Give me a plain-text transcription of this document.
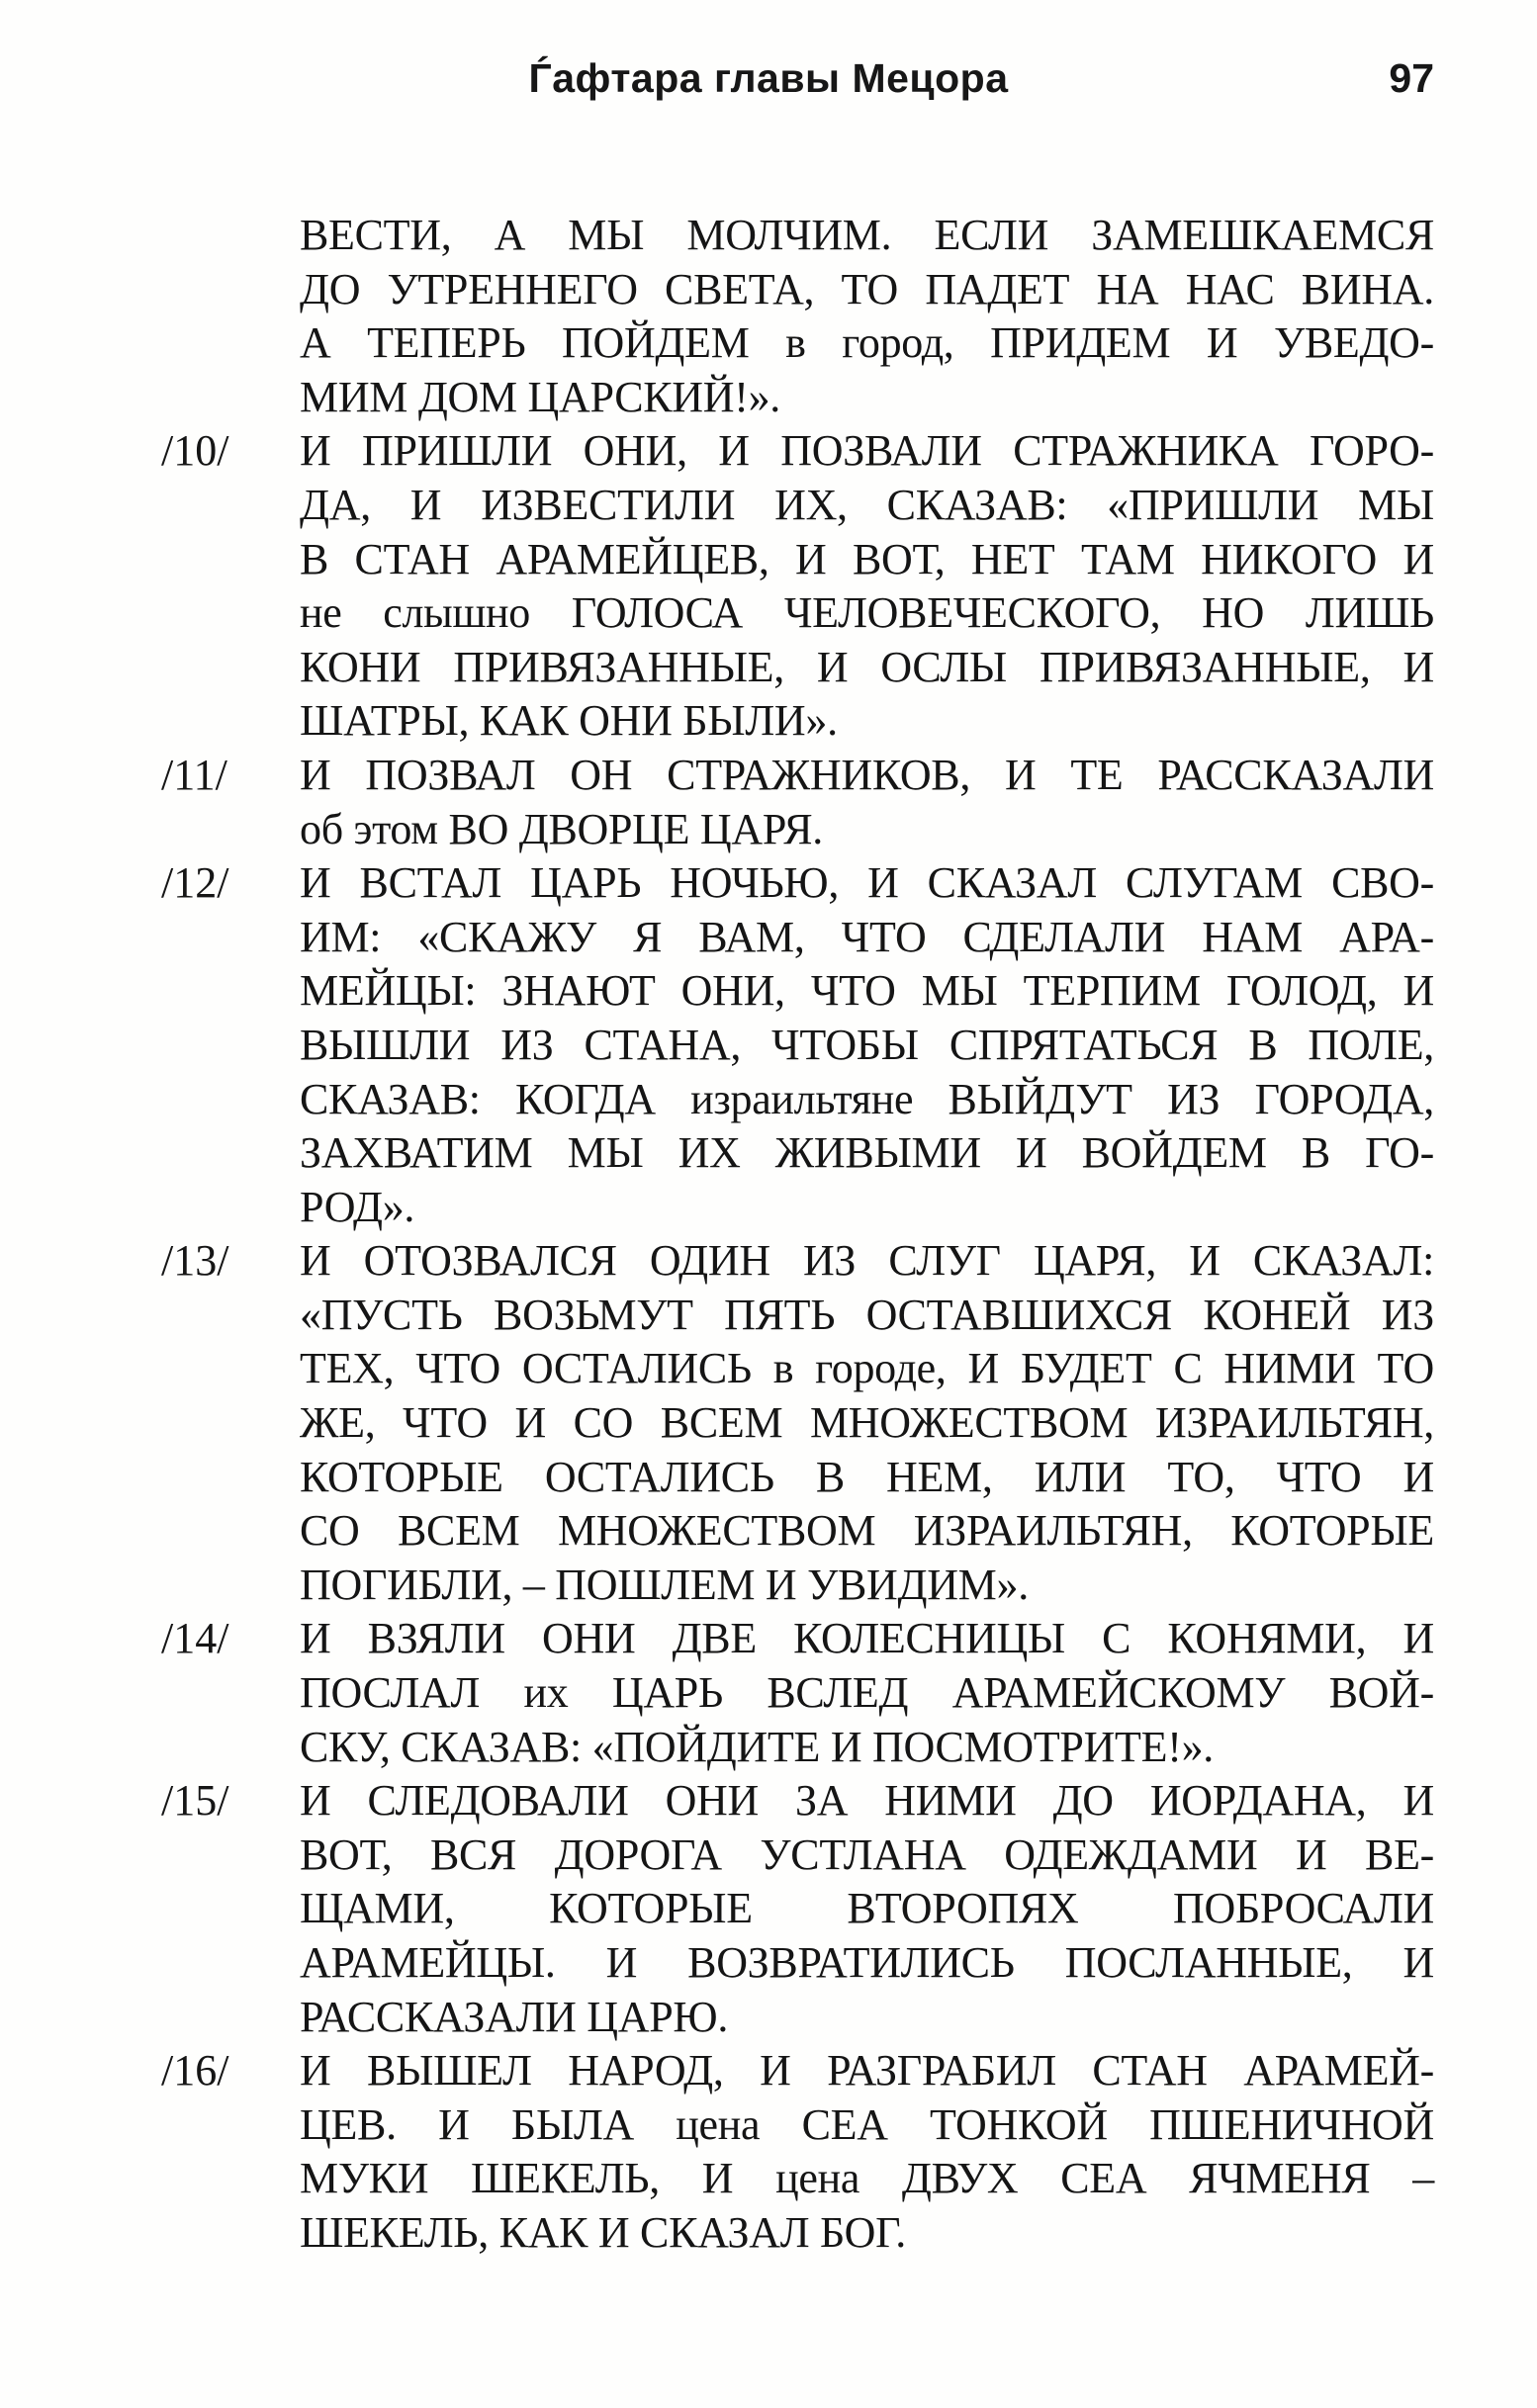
Ѓафтара главы Мецора	97
ВЕСТИ, А МЫ МОЛЧИМ. ЕСЛИ ЗАМЕШКАЕМСЯ
ДО УТРЕННЕГО СВЕТА, ТО ПАДЕТ НА НАС ВИНА.
А ТЕПЕРЬ ПОЙДЕМ в город, ПРИДЕМ И УВЕДО-
МИМ ДОМ ЦАРСКИЙ!».
/10/ И ПРИШЛИ ОНИ, И ПОЗВАЛИ СТРАЖНИКА ГОРО-
ДА, И ИЗВЕСТИЛИ ИХ, СКАЗАВ: «ПРИШЛИ МЫ
В СТАН АРАМЕЙЦЕВ, И ВОТ, НЕТ ТАМ НИКОГО И
не слышно ГОЛОСА ЧЕЛОВЕЧЕСКОГО, НО ЛИШЬ
КОНИ ПРИВЯЗАННЫЕ, И ОСЛЫ ПРИВЯЗАННЫЕ, И
ШАТРЫ, КАК ОНИ БЫЛИ».
/11/ И ПОЗВАЛ ОН СТРАЖНИКОВ, И ТЕ РАССКАЗАЛИ
об этом ВО ДВОРЦЕ ЦАРЯ.
/12/ И ВСТАЛ ЦАРЬ НОЧЬЮ, И СКАЗАЛ СЛУГАМ СВО-
ИМ: «СКАЖУ Я ВАМ, ЧТО СДЕЛАЛИ НАМ АРА-
МЕЙЦЫ: ЗНАЮТ ОНИ, ЧТО МЫ ТЕРПИМ ГОЛОД, И
ВЫШЛИ ИЗ СТАНА, ЧТОБЫ СПРЯТАТЬСЯ В ПОЛЕ,
СКАЗАВ: КОГДА израильтяне ВЫЙДУТ ИЗ ГОРОДА,
ЗАХВАТИМ МЫ ИХ ЖИВЫМИ И ВОЙДЕМ В ГО-
РОД».
/13/ И ОТОЗВАЛСЯ ОДИН ИЗ СЛУГ ЦАРЯ, И СКАЗАЛ:
«ПУСТЬ ВОЗЬМУТ ПЯТЬ ОСТАВШИХСЯ КОНЕЙ ИЗ
ТЕХ, ЧТО ОСТАЛИСЬ в городе, И БУДЕТ С НИМИ ТО
ЖЕ, ЧТО И СО ВСЕМ МНОЖЕСТВОМ ИЗРАИЛЬТЯН,
КОТОРЫЕ ОСТАЛИСЬ В НЕМ, ИЛИ ТО, ЧТО И
СО ВСЕМ МНОЖЕСТВОМ ИЗРАИЛЬТЯН, КОТОРЫЕ
ПОГИБЛИ, – ПОШЛЕМ И УВИДИМ».
/14/ И ВЗЯЛИ ОНИ ДВЕ КОЛЕСНИЦЫ С КОНЯМИ, И
ПОСЛАЛ их ЦАРЬ ВСЛЕД АРАМЕЙСКОМУ ВОЙ-
СКУ, СКАЗАВ: «ПОЙДИТЕ И ПОСМОТРИТЕ!».
/15/ И СЛЕДОВАЛИ ОНИ ЗА НИМИ ДО ИОРДАНА, И
ВОТ, ВСЯ ДОРОГА УСТЛАНА ОДЕЖДАМИ И ВЕ-
ЩАМИ, КОТОРЫЕ ВТОРОПЯХ ПОБРОСАЛИ
АРАМЕЙЦЫ. И ВОЗВРАТИЛИСЬ ПОСЛАННЫЕ, И
РАССКАЗАЛИ ЦАРЮ.
/16/ И ВЫШЕЛ НАРОД, И РАЗГРАБИЛ СТАН АРАМЕЙ-
ЦЕВ. И БЫЛА цена СЕА ТОНКОЙ ПШЕНИЧНОЙ
МУКИ ШЕКЕЛЬ, И цена ДВУХ СЕА ЯЧМЕНЯ –
ШЕКЕЛЬ, КАК И СКАЗАЛ БОГ.
